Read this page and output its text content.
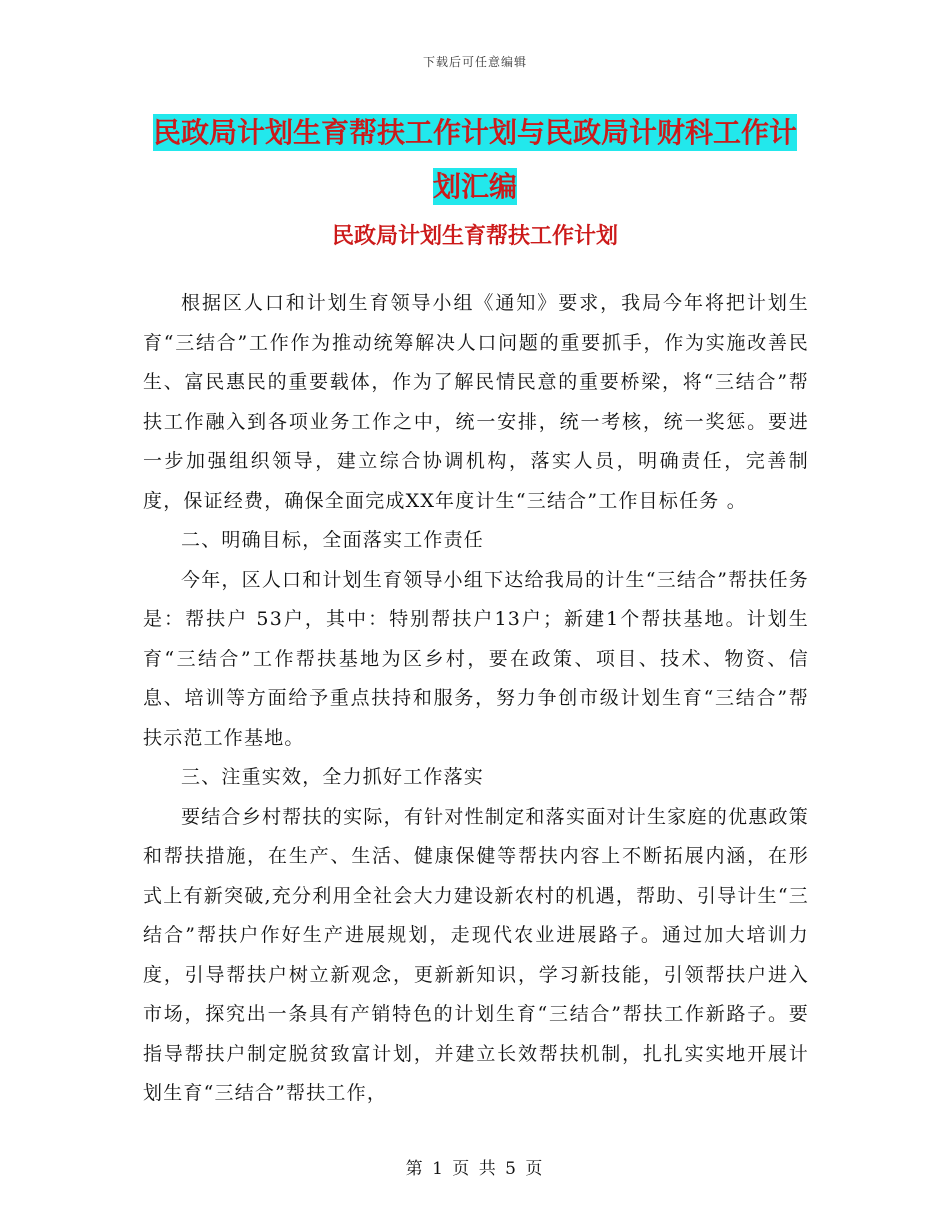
下载后可任意编辑
民政局计划生育帮扶工作计划与民政局计财科工作计
划汇编
民政局计划生育帮扶工作计划

根据区人口和计划生育领导小组《通知》要求，我局今年将把计划生育“三结合”工作作为推动统筹解决人口问题的重要抓手，作为实施改善民生、富民惠民的重要载体，作为了解民情民意的重要桥梁，将“三结合”帮扶工作融入到各项业务工作之中，统一安排，统一考核，统一奖惩。要进一步加强组织领导，建立综合协调机构，落实人员，明确责任，完善制度，保证经费，确保全面完成XX年度计生“三结合”工作目标任务 。

二、明确目标，全面落实工作责任

今年，区人口和计划生育领导小组下达给我局的计生“三结合”帮扶任务是：帮扶户 53户，其中：特别帮扶户13户；新建1个帮扶基地。计划生育“三结合”工作帮扶基地为区乡村，要在政策、项目、技术、物资、信息、培训等方面给予重点扶持和服务，努力争创市级计划生育“三结合”帮扶示范工作基地。

三、注重实效，全力抓好工作落实

要结合乡村帮扶的实际，有针对性制定和落实面对计生家庭的优惠政策和帮扶措施，在生产、生活、健康保健等帮扶内容上不断拓展内涵，在形式上有新突破,充分利用全社会大力建设新农村的机遇，帮助、引导计生“三结合”帮扶户作好生产进展规划，走现代农业进展路子。通过加大培训力度，引导帮扶户树立新观念，更新新知识，学习新技能，引领帮扶户进入市场，探究出一条具有产销特色的计划生育“三结合”帮扶工作新路子。要指导帮扶户制定脱贫致富计划，并建立长效帮扶机制，扎扎实实地开展计划生育“三结合”帮扶工作，

第 1 页 共 5 页
